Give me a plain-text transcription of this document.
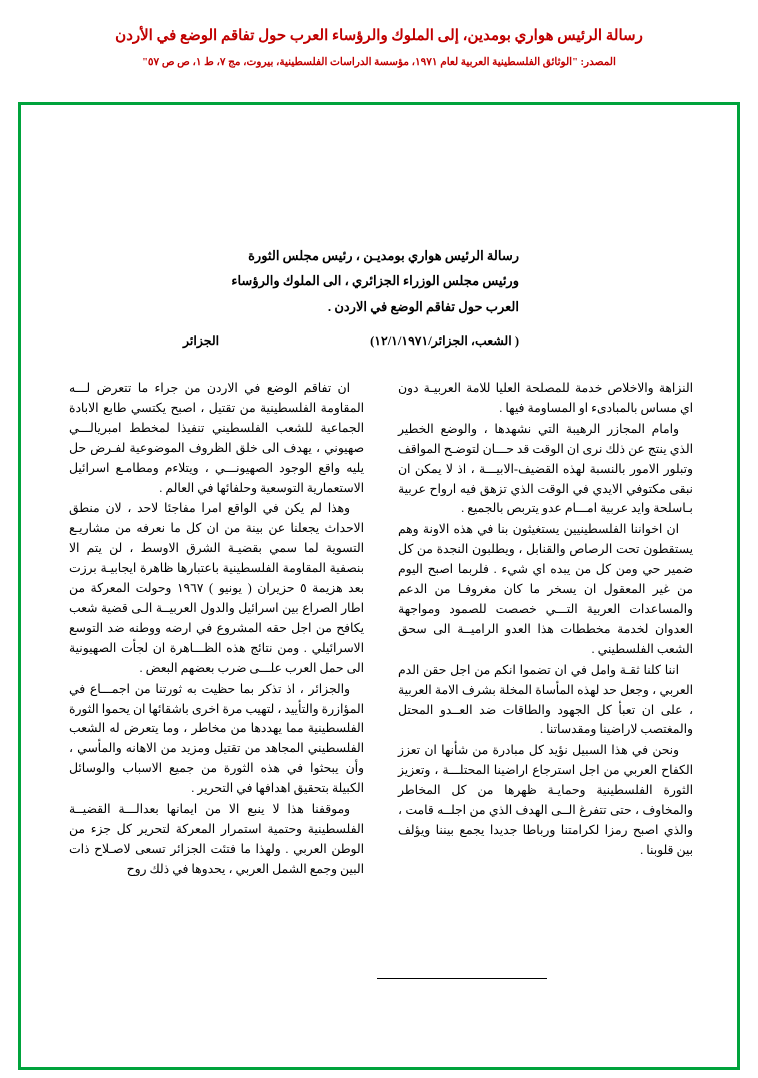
رسالة الرئيس هواري بومدين، إلى الملوك والرؤساء العرب حول تفاقم الوضع في الأردن
المصدر: "الوثائق الفلسطينية العربية لعام ١٩٧١، مؤسسة الدراسات الفلسطينية، بيروت، مج ٧، ط ١، ص ص ٥٧"
رسالة الرئيس هواري بومديـن ، رئيس مجلس الثورة
ورئيس مجلس الوزراء الجزائري ، الى الملوك والرؤساء
العرب حول تفاقم الوضع في الاردن .
( الشعب، الجزائر/١٢/١/١٩٧١)
الجزائر

النزاهة والاخلاص خدمة للمصلحة العليا للامة العربيـة دون اي مساس بالمبادىء او المساومة فيها .

وامام المجازر الرهيبة التي نشهدها ، والوضع الخطير الذي ينتج عن ذلك نرى ان الوقت قد حـــان لتوضـح المواقف وتبلور الامور بالنسبة لهذه القضيف-الابيـــة ، اذ لا يمكن ان نبقى مكتوفي الايدي في الوقت الذي تزهق فيه ارواح عربية بـاسلحة وايد عربية امـــام عدو يتربص بالجميع .

ان اخواننا الفلسطينيين يستغيثون بنا في هذه الاونة وهم يستقطون تحت الرصاص والقنابل ، ويطلبون النجدة من كل ضمير حي ومن كل من يبده اي شيء . فلربما اصبح اليوم من غير المعقول ان يسخر ما كان مغروفـا من الدعم والمساعدات العربية التـــي خصصت للصمود ومواجهة العدوان لخدمة مخططات هذا العدو الراميــة الى سحق الشعب الفلسطيني .

اننا كلنا ثقـة وامل في ان تضموا انكم من اجل حقن الدم العربي ، وجعل حد لهذه المأساة المخلة بشرف الامة العربية ، على ان تعبأ كل الجهود والطاقات ضد العــدو المحتل والمغتصب لاراضينا ومقدساتنا .

ونحن في هذا السبيل نؤيد كل مبادرة من شأنها ان تعزز الكفاح العربي من اجل استرجاع اراضينا المحتلـــة ، وتعزيز الثورة الفلسطينية وحمايـة ظهرها من كل المخاطر والمخاوف ، حتى تتفرغ الــى الهدف الذي من اجلــه قامت ، والذي اصبح رمزا لكرامتنا ورباطا جديدا يجمع بيننا ويؤلف بين قلوبنا .

ان تفاقم الوضع في الاردن من جراء ما تتعرض لـــه المقاومة الفلسطينية من تقتيل ، اصبح يكتسي طابع الابادة الجماعية للشعب الفلسطيني تنفيذا لمخطط امبريالـــي صهيوني ، يهدف الى خلق الظروف الموضوعية لفـرض حل يليه واقع الوجود الصهيونـــي ، ويتلاءم ومطامـع اسرائيل الاستعمارية التوسعية وحلفائها في العالم .

وهذا لم يكن في الواقع امرا مفاجئا لاحد ، لان منطق الاحداث يجعلنا عن بينة من ان كل ما نعرفه من مشاريـع التسوية لما سمي بقضيـة الشرق الاوسط ، لن يتم الا بنصفية المقاومة الفلسطينية باعتبارها ظاهرة ايجابيـة برزت بعد هزيمة ٥ حزيران ( يونيو ) ١٩٦٧ وحولت المعركة من اطار الصراع بين اسرائيل والدول العربيــة الـى قضية شعب يكافح من اجل حقه المشروع في ارضه ووطنه ضد التوسع الاسرائيلي . ومن نتائج هذه الظـــاهرة ان لجأت الصهيونية الى حمل العرب علـــى ضرب بعضهم البعض .

والجزائر ، اذ تذكر بما حظيت به ثورتنا من اجمـــاع في المؤازرة والتأييد ، لتهيب مرة اخرى باشقائها ان يحموا الثورة الفلسطينية مما يهددها من مخاطر ، وما يتعرض له الشعب الفلسطيني المجاهد من تقتيل ومزيد من الاهانه والمأسي ، وأن يبحثوا في هذه الثورة من جميع الاسباب والوسائل الكبيلة بتحقيق اهدافها في التحرير .

وموقفنا هذا لا ينبع الا من ايمانها بعدالـــة القضيــة الفلسطينية وحتمية استمرار المعركة لتحرير كل جزء من الوطن العربي . ولهذا ما فتئت الجزائر تسعى لاصـلاح ذات البين وجمع الشمل العربي ، يحدوها في ذلك روح
